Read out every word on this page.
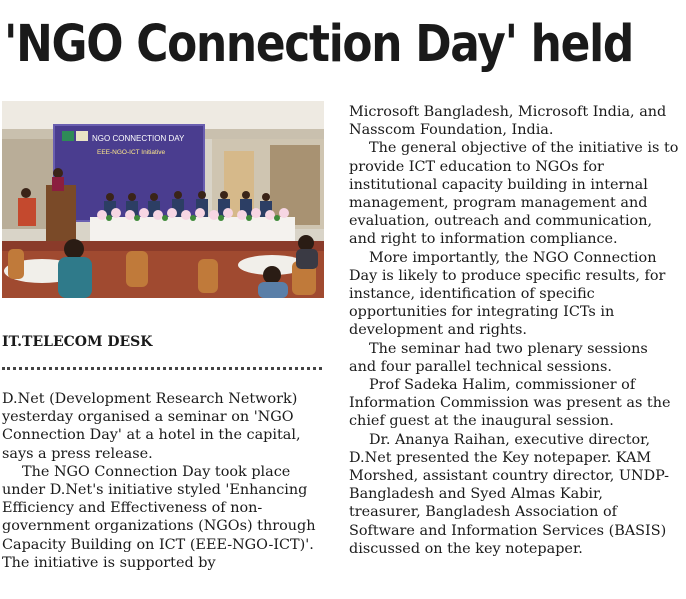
'NGO Connection Day' held
NGO CONNECTION DAY
EEE-NGO-ICT Initiative
IT.TELECOM DESK

D.Net (Development Research Network) yesterday organised a seminar on 'NGO Connection Day' at a hotel in the capital, says a press release.

The NGO Connection Day took place under D.Net's initiative styled 'Enhancing Efficiency and Effectiveness of non-government organizations (NGOs) through Capacity Building on ICT (EEE-NGO-ICT)'. The initiative is supported by

Microsoft Bangladesh, Microsoft India, and Nasscom Foundation, India.

The general objective of the initiative is to provide ICT education to NGOs for institutional capacity building in internal management, program management and evaluation, outreach and communication, and right to information compliance.

More importantly, the NGO Connection Day is likely to produce specific results, for instance, identification of specific opportunities for integrating ICTs in development and rights.

The seminar had two plenary sessions and four parallel technical sessions.

Prof Sadeka Halim, commissioner of Information Commission was present as the chief guest at the inaugural session.

Dr. Ananya Raihan, executive director, D.Net presented the Key notepaper. KAM Morshed, assistant country director, UNDP-Bangladesh and Syed Almas Kabir, treasurer, Bangladesh Association of Software and Information Services (BASIS) discussed on the key notepaper.
